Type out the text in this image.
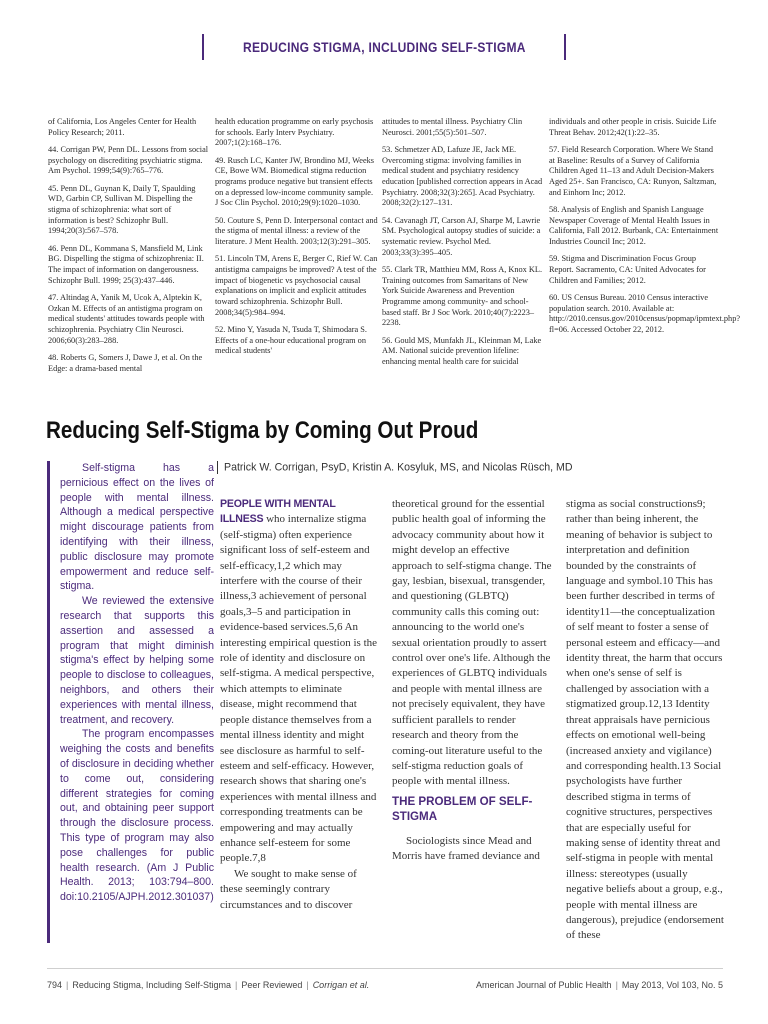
REDUCING STIGMA, INCLUDING SELF-STIGMA

of California, Los Angeles Center for Health Policy Research; 2011.

44. Corrigan PW, Penn DL. Lessons from social psychology on discrediting psychiatric stigma. Am Psychol. 1999;54(9):765–776.

45. Penn DL, Guynan K, Daily T, Spaulding WD, Garbin CP, Sullivan M. Dispelling the stigma of schizophrenia: what sort of information is best? Schizophr Bull. 1994;20(3):567–578.

46. Penn DL, Kommana S, Mansfield M, Link BG. Dispelling the stigma of schizophrenia: II. The impact of information on dangerousness. Schizophr Bull. 1999; 25(3):437–446.

47. Altindag A, Yanik M, Ucok A, Alptekin K, Ozkan M. Effects of an antistigma program on medical students' attitudes towards people with schizophrenia. Psychiatry Clin Neurosci. 2006;60(3):283–288.

48. Roberts G, Somers J, Dawe J, et al. On the Edge: a drama-based mental

health education programme on early psychosis for schools. Early Interv Psychiatry. 2007;1(2):168–176.

49. Rusch LC, Kanter JW, Brondino MJ, Weeks CE, Bowe WM. Biomedical stigma reduction programs produce negative but transient effects on a depressed low-income community sample. J Soc Clin Psychol. 2010;29(9):1020–1030.

50. Couture S, Penn D. Interpersonal contact and the stigma of mental illness: a review of the literature. J Ment Health. 2003;12(3):291–305.

51. Lincoln TM, Arens E, Berger C, Rief W. Can antistigma campaigns be improved? A test of the impact of biogenetic vs psychosocial causal explanations on implicit and explicit attitudes toward schizophrenia. Schizophr Bull. 2008;34(5):984–994.

52. Mino Y, Yasuda N, Tsuda T, Shimodara S. Effects of a one-hour educational program on medical students'

attitudes to mental illness. Psychiatry Clin Neurosci. 2001;55(5):501–507.

53. Schmetzer AD, Lafuze JE, Jack ME. Overcoming stigma: involving families in medical student and psychiatry residency education [published correction appears in Acad Psychiatry. 2008;32(3):265]. Acad Psychiatry. 2008;32(2):127–131.

54. Cavanagh JT, Carson AJ, Sharpe M, Lawrie SM. Psychological autopsy studies of suicide: a systematic review. Psychol Med. 2003;33(3):395–405.

55. Clark TR, Matthieu MM, Ross A, Knox KL. Training outcomes from Samaritans of New York Suicide Awareness and Prevention Programme among community- and school-based staff. Br J Soc Work. 2010;40(7):2223–2238.

56. Gould MS, Munfakh JL, Kleinman M, Lake AM. National suicide prevention lifeline: enhancing mental health care for suicidal

individuals and other people in crisis. Suicide Life Threat Behav. 2012;42(1):22–35.

57. Field Research Corporation. Where We Stand at Baseline: Results of a Survey of California Children Aged 11–13 and Adult Decision-Makers Aged 25+. San Francisco, CA: Runyon, Saltzman, and Einhorn Inc; 2012.

58. Analysis of English and Spanish Language Newspaper Coverage of Mental Health Issues in California, Fall 2012. Burbank, CA: Entertainment Industries Council Inc; 2012.

59. Stigma and Discrimination Focus Group Report. Sacramento, CA: United Advocates for Children and Families; 2012.

60. US Census Bureau. 2010 Census interactive population search. 2010. Available at: http://2010.census.gov/2010census/popmap/ipmtext.php?fl=06. Accessed October 22, 2012.

Reducing Self-Stigma by Coming Out Proud

Self-stigma has a pernicious effect on the lives of people with mental illness. Although a medical perspective might discourage patients from identifying with their illness, public disclosure may promote empowerment and reduce self-stigma.

We reviewed the extensive research that supports this assertion and assessed a program that might diminish stigma's effect by helping some people to disclose to colleagues, neighbors, and others their experiences with mental illness, treatment, and recovery.

The program encompasses weighing the costs and benefits of disclosure in deciding whether to come out, considering different strategies for coming out, and obtaining peer support through the disclosure process. This type of program may also pose challenges for public health research. (Am J Public Health. 2013; 103:794–800. doi:10.2105/AJPH.2012.301037)

Patrick W. Corrigan, PsyD, Kristin A. Kosyluk, MS, and Nicolas Rüsch, MD

PEOPLE WITH MENTAL ILLNESS who internalize stigma (self-stigma) often experience significant loss of self-esteem and self-efficacy,1,2 which may interfere with the course of their illness,3 achievement of personal goals,3–5 and participation in evidence-based services.5,6 An interesting empirical question is the role of identity and disclosure on self-stigma. A medical perspective, which attempts to eliminate disease, might recommend that people distance themselves from a mental illness identity and might see disclosure as harmful to self-esteem and self-efficacy. However, research shows that sharing one's experiences with mental illness and corresponding treatments can be empowering and may actually enhance self-esteem for some people.7,8

We sought to make sense of these seemingly contrary circumstances and to discover

theoretical ground for the essential public health goal of informing the advocacy community about how it might develop an effective approach to self-stigma change. The gay, lesbian, bisexual, transgender, and questioning (GLBTQ) community calls this coming out: announcing to the world one's sexual orientation proudly to assert control over one's life. Although the experiences of GLBTQ individuals and people with mental illness are not precisely equivalent, they have sufficient parallels to render research and theory from the coming-out literature useful to the self-stigma reduction goals of people with mental illness.

THE PROBLEM OF SELF-STIGMA

Sociologists since Mead and Morris have framed deviance and

stigma as social constructions9; rather than being inherent, the meaning of behavior is subject to interpretation and definition bounded by the constraints of language and symbol.10 This has been further described in terms of identity11—the conceptualization of self meant to foster a sense of personal esteem and efficacy—and identity threat, the harm that occurs when one's sense of self is challenged by association with a stigmatized group.12,13 Identity threat appraisals have pernicious effects on emotional well-being (increased anxiety and vigilance) and corresponding health.13 Social psychologists have further described stigma in terms of cognitive structures, perspectives that are especially useful for making sense of identity threat and self-stigma in people with mental illness: stereotypes (usually negative beliefs about a group, e.g., people with mental illness are dangerous), prejudice (endorsement of these

794 | Reducing Stigma, Including Self-Stigma | Peer Reviewed | Corrigan et al.	American Journal of Public Health | May 2013, Vol 103, No. 5
